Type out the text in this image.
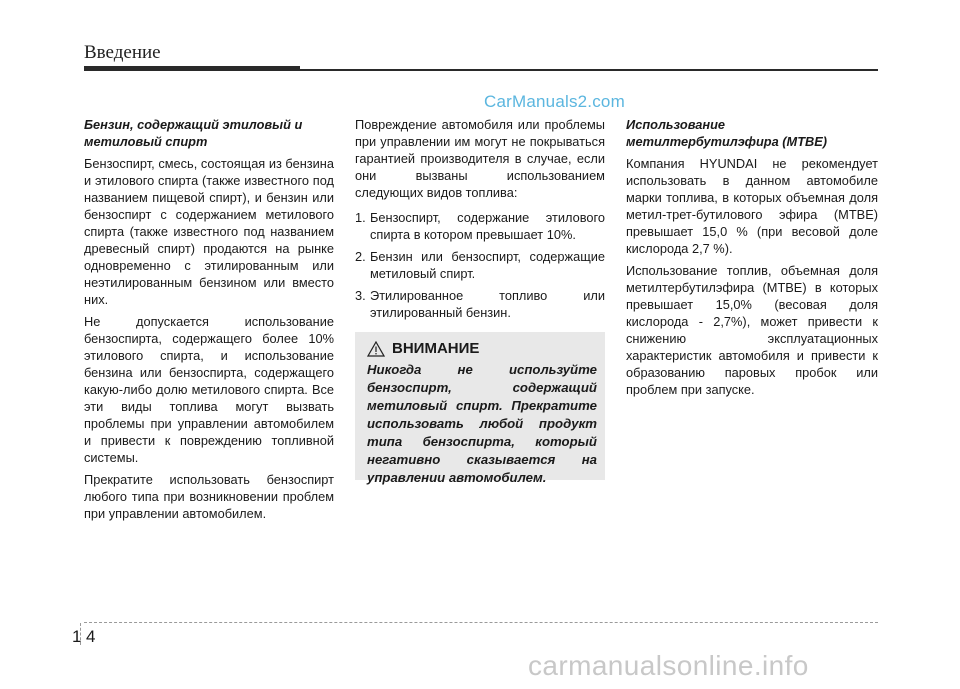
Введение
CarManuals2.com

Бензин, содержащий этиловый и метиловый спирт

Бензоспирт, смесь, состоящая из бензина и этилового спирта (также известного под названием пищевой спирт), и бензин или бензоспирт с содержанием метилового спирта (также известного под названием древесный спирт) продаются на рынке одновременно с этилированным или неэтилированным бензином или вместо них.

Не допускается использование бензоспирта, содержащего более 10% этилового спирта, и использование бензина или бензоспирта, содержащего какую-либо долю метилового спирта. Все эти виды топлива могут вызвать проблемы при управлении автомобилем и привести к повреждению топливной системы.

Прекратите использовать бензоспирт любого типа при возникновении проблем при управлении автомобилем.

Повреждение автомобиля или проблемы при управлении им могут не покрываться гарантией производителя в случае, если они вызваны использованием следующих видов топлива:

1. Бензоспирт, содержание этилового спирта в котором превышает 10%.
2. Бензин или бензоспирт, содержащие метиловый спирт.
3. Этилированное топливо или этилированный бензин.
ВНИМАНИЕ

Никогда не используйте бензоспирт, содержащий метиловый спирт. Прекратите использовать любой продукт типа бензоспирта, который негативно сказывается на управлении автомобилем.

Использование метилтербутилэфира (MTBE)

Компания HYUNDAI не рекомендует использовать в данном автомобиле марки топлива, в которых объемная доля метил-трет-бутилового эфира (MTBE) превышает 15,0 % (при весовой доле кислорода 2,7 %).

Использование топлив, объемная доля метилтербутилэфира (MTBE) в которых превышает 15,0% (весовая доля кислорода - 2,7%), может привести к снижению эксплуатационных характеристик автомобиля и привести к образованию паровых пробок или проблем при запуске.

1 4
carmanualsonline.info
